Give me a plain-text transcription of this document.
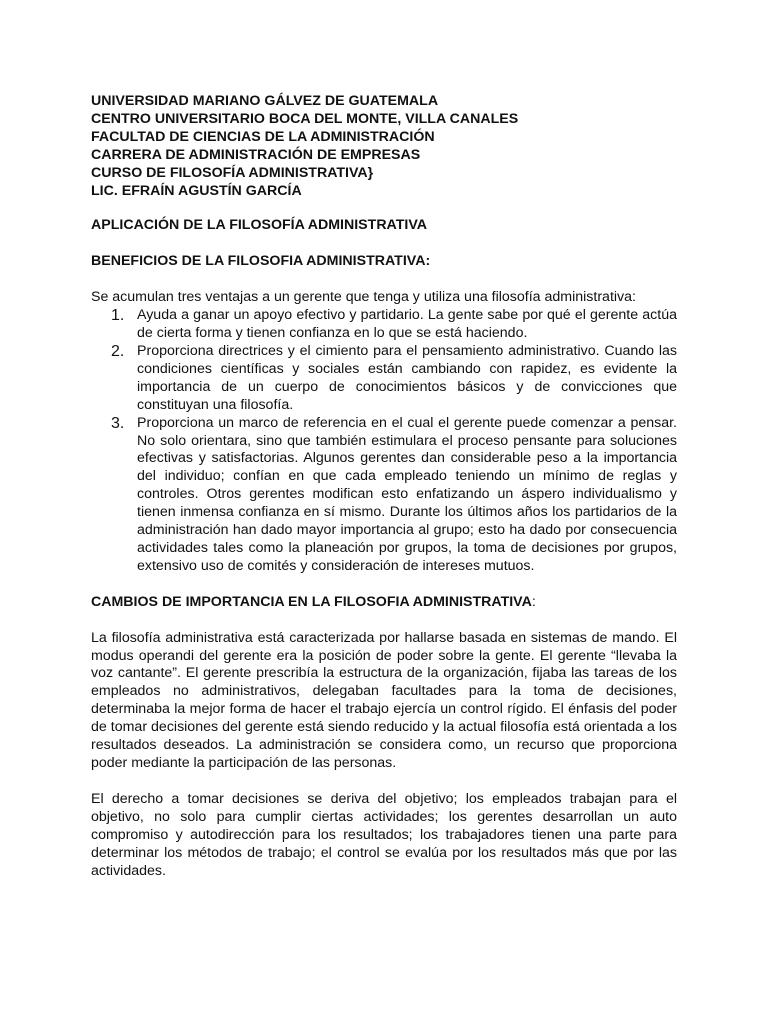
UNIVERSIDAD MARIANO GÁLVEZ DE GUATEMALA
CENTRO UNIVERSITARIO BOCA DEL MONTE, VILLA CANALES
FACULTAD DE CIENCIAS DE LA ADMINISTRACIÓN
CARRERA DE ADMINISTRACIÓN DE EMPRESAS
CURSO DE FILOSOFÍA ADMINISTRATIVA}
LIC. EFRAÍN AGUSTÍN GARCÍA
APLICACIÓN DE LA FILOSOFÍA ADMINISTRATIVA
BENEFICIOS DE LA FILOSOFIA ADMINISTRATIVA:
Se acumulan tres ventajas a un gerente que tenga y utiliza una filosofía administrativa:
1. Ayuda a ganar un apoyo efectivo y partidario. La gente sabe por qué el gerente actúa de cierta forma y tienen confianza en lo que se está haciendo.
2. Proporciona directrices y el cimiento para el pensamiento administrativo. Cuando las condiciones científicas y sociales están cambiando con rapidez, es evidente la importancia de un cuerpo de conocimientos básicos y de convicciones que constituyan una filosofía.
3. Proporciona un marco de referencia en el cual el gerente puede comenzar a pensar. No solo orientara, sino que también estimulara el proceso pensante para soluciones efectivas y satisfactorias. Algunos gerentes dan considerable peso a la importancia del individuo; confían en que cada empleado teniendo un mínimo de reglas y controles. Otros gerentes modifican esto enfatizando un áspero individualismo y tienen inmensa confianza en sí mismo. Durante los últimos años los partidarios de la administración han dado mayor importancia al grupo; esto ha dado por consecuencia actividades tales como la planeación por grupos, la toma de decisiones por grupos, extensivo uso de comités y consideración de intereses mutuos.
CAMBIOS DE IMPORTANCIA EN LA FILOSOFIA ADMINISTRATIVA:
La filosofía administrativa está caracterizada por hallarse basada en sistemas de mando. El modus operandi del gerente era la posición de poder sobre la gente. El gerente “llevaba la voz cantante”. El gerente prescribía la estructura de la organización, fijaba las tareas de los empleados no administrativos, delegaban facultades para la toma de decisiones, determinaba la mejor forma de hacer el trabajo ejercía un control rígido. El énfasis del poder de tomar decisiones del gerente está siendo reducido y la actual filosofía está orientada a los resultados deseados. La administración se considera como, un recurso que proporciona poder mediante la participación de las personas.
El derecho a tomar decisiones se deriva del objetivo; los empleados trabajan para el objetivo, no solo para cumplir ciertas actividades; los gerentes desarrollan un auto compromiso y autodirección para los resultados; los trabajadores tienen una parte para determinar los métodos de trabajo; el control se evalúa por los resultados más que por las actividades.
